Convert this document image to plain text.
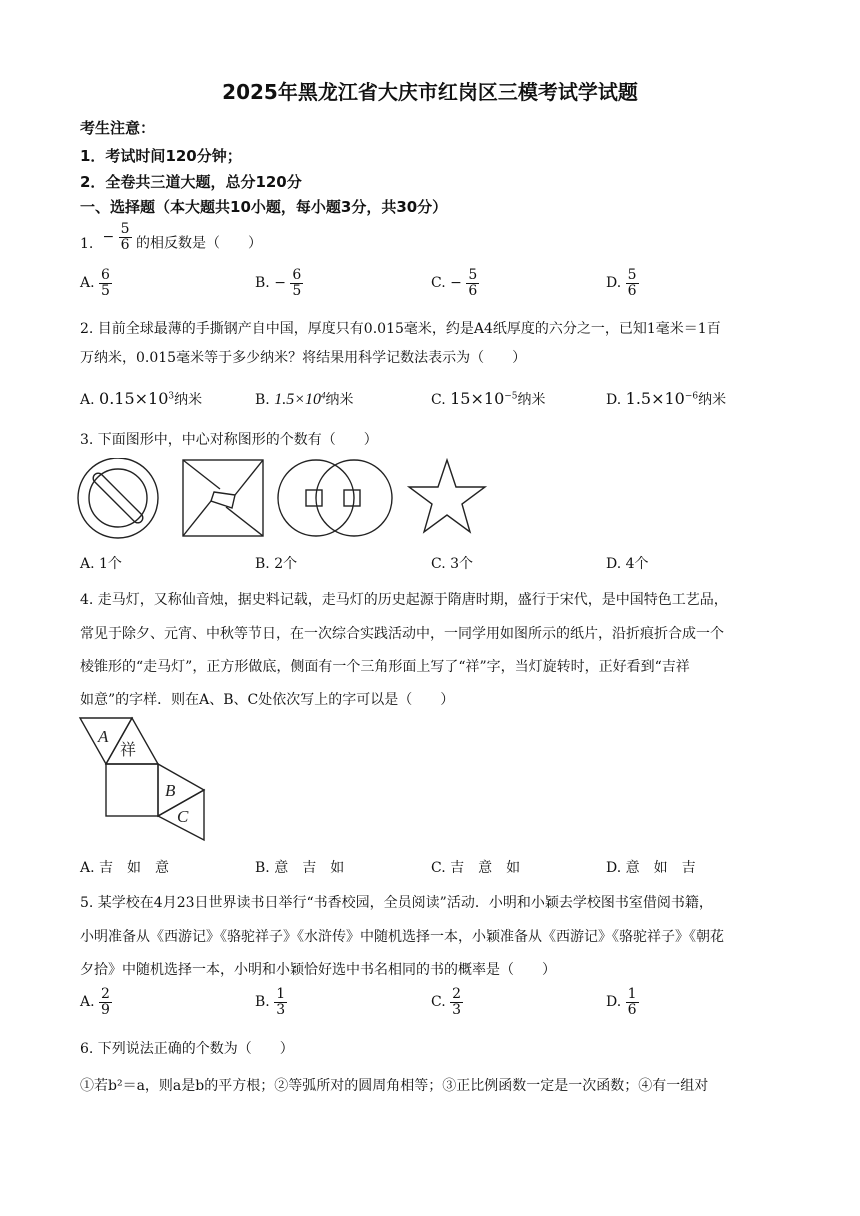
2025年黑龙江省大庆市红岗区三模考试学试题
考生注意：
1．考试时间120分钟；
2．全卷共三道大题，总分120分
一、选择题（本大题共10小题，每小题3分，共30分）
1. − $\frac{5}{6}$ 的相反数是（　　）
A. $\frac{6}{5}$	B. − $\frac{6}{5}$	C. − $\frac{5}{6}$	D. $\frac{5}{6}$
2. 目前全球最薄的手撕钢产自中国，厚度只有0.015毫米，约是A4纸厚度的六分之一，已知1毫米＝1百
万纳米，0.015毫米等于多少纳米？将结果用科学记数法表示为（　　）
A. $0.15\times 10^3$纳米	B. $1.5\times 10^4$纳米	C. $15\times 10^{-5}$纳米	D. $1.5\times 10^{-6}$纳米
3. 下面图形中，中心对称图形的个数有（　　）
A. 1个	B. 2个	C. 3个	D. 4个
4. 走马灯，又称仙音烛，据史料记载，走马灯的历史起源于隋唐时期，盛行于宋代，是中国特色工艺品，
常见于除夕、元宵、中秋等节日，在一次综合实践活动中，一同学用如图所示的纸片，沿折痕折合成一个
棱锥形的“走马灯”，正方形做底，侧面有一个三角形面上写了“祥”字，当灯旋转时，正好看到“吉祥
如意”的字样．则在A、B、C处依次写上的字可以是（　　）
A
祥
B
C
A. 吉　如　意	B. 意　吉　如	C. 吉　意　如	D. 意　如　吉
5. 某学校在4月23日世界读书日举行“书香校园，全员阅读”活动．小明和小颖去学校图书室借阅书籍，
小明准备从《西游记》《骆驼祥子》《水浒传》中随机选择一本，小颖准备从《西游记》《骆驼祥子》《朝花
夕拾》中随机选择一本，小明和小颖恰好选中书名相同的书的概率是（　　）
A. $\frac{2}{9}$	B. $\frac{1}{3}$	C. $\frac{2}{3}$	D. $\frac{1}{6}$
6. 下列说法正确的个数为（　　）
①若b²＝a，则a是b的平方根；②等弧所对的圆周角相等；③正比例函数一定是一次函数；④有一组对
